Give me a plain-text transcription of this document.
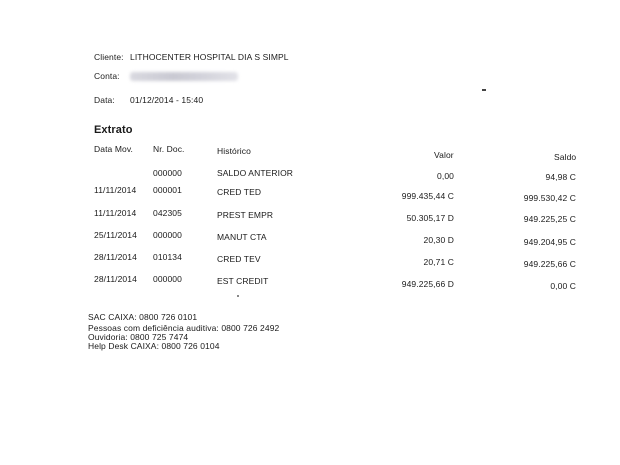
Cliente: LITHOCENTER HOSPITAL DIA S SIMPL
Conta:
Data: 01/12/2014 - 15:40
Extrato
Data Mov. Nr. Doc.	Histórico	Valor	Saldo
000000	SALDO ANTERIOR	0,00	94,98 C
11/11/2014 000001	CRED TED	999.435,44 C	999.530,42 C
11/11/2014 042305	PREST EMPR	50.305,17 D	949.225,25 C
25/11/2014 000000	MANUT CTA	20,30 D	949.204,95 C
28/11/2014 010134	CRED TEV	20,71 C	949.225,66 C
28/11/2014 000000	EST CREDIT	949.225,66 D	0,00 C
SAC CAIXA: 0800 726 0101
Pessoas com deficiência auditiva: 0800 726 2492
Ouvidoria: 0800 725 7474
Help Desk CAIXA: 0800 726 0104
